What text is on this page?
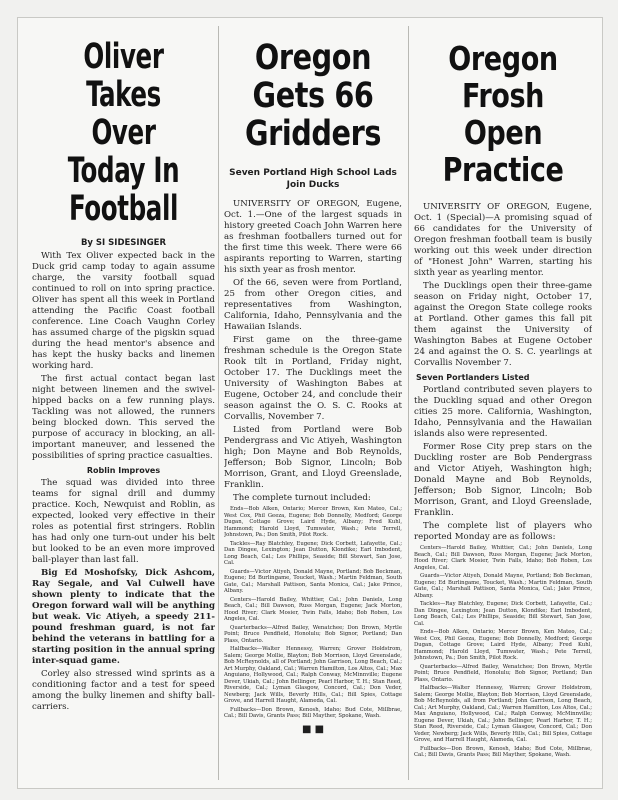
Oliver Takes Over Today In Football
By SI SIDESINGER

With Tex Oliver expected back in the Duck grid camp today to again assume charge, the varsity football squad continued to roll on into spring practice. Oliver has spent all this week in Portland attending the Pacific Coast football conference. Line Coach Vaughn Corley has assumed charge of the pigskin squad during the head mentor's absence and has kept the husky backs and linemen working hard.

The first actual contact began last night between linemen and the swivel-hipped backs on a few running plays. Tackling was not allowed, the runners being blocked down. This served the purpose of accuracy in blocking, an all-important maneuver, and lessened the possibilities of spring practice casualties.

Roblin Improves

The squad was divided into three teams for signal drill and dummy practice. Koch, Newquist and Roblin, as expected, looked very effective in their roles as potential first stringers. Roblin has had only one turn-out under his belt but looked to be an even more improved ball-player than last fall.

Big Ed Moshofsky, Dick Ashcom, Ray Segale, and Val Culwell have shown plenty to indicate that the Oregon forward wall will be anything but weak. Vic Atiyeh, a speedy 211-pound freshman guard, is not far behind the veterans in battling for a starting position in the annual spring inter-squad game.

Corley also stressed wind sprints as a conditioning factor and a test for speed among the bulky linemen and shifty ball-carriers.

Oregon Gets 66 Gridders
Seven Portland High School Lads Join Ducks

UNIVERSITY OF OREGON, Eugene, Oct. 1.—One of the largest squads in history greeted Coach John Warren here as freshman footballers turned out for the first time this week. There were 66 aspirants reporting to Warren, starting his sixth year as frosh mentor.

Of the 66, seven were from Portland, 25 from other Oregon cities, and representatives from Washington, California, Idaho, Pennsylvania and the Hawaiian Islands.

First game on the three-game freshman schedule is the Oregon State Rook tilt in Portland, Friday night, October 17. The Ducklings meet the University of Washington Babes at Eugene, October 24, and conclude their season against the O. S. C. Rooks at Corvallis, November 7.

Listed from Portland were Bob Pendergrass and Vic Atiyeh, Washington high; Don Mayne and Bob Reynolds, Jefferson; Bob Signor, Lincoln; Bob Morrison, Grant, and Lloyd Greenslade, Franklin.

The complete turnout included:

Ends—Bob Alken, Ontario; Mercer Brown, Ken Mateo, Cal.; West Cox, Phil Geeza, Eugene; Bob Donnelly, Medford; George Dugan, Cottage Grove; Laird Hyde, Albany; Fred Kuhl, Hammond; Harold Lloyd, Tumwater, Wash.; Pete Terrell, Johnstown, Pa.; Don Smith, Pilot Rock.

Tackles—Ray Blatchley, Eugene; Dick Corbett, Lafayette, Cal.; Dan Dingee, Lexington; Jean Dutton, Klondike; Earl Imbodent, Long Beach, Cal.; Les Phillips, Seaside; Bill Stewart, San Jose, Cal.

Guards—Victor Atiyeh, Donald Mayne, Portland; Bob Beckman, Eugene; Ed Burlingame, Toucket, Wash.; Martin Feldman, South Gate, Cal.; Marshall Pattison, Santa Monica, Cal.; Jake Prince, Albany.

Centers—Harold Bailey, Whittier, Cal.; John Daniels, Long Beach, Cal.; Bill Dawson, Russ Morgan, Eugene; Jack Morton, Hood River; Clark Mosier, Twin Falls, Idaho; Bob Roben, Los Angeles, Cal.

Quarterbacks—Alfred Bailey, Wenatchee; Don Brown, Myrtle Point; Bruce Pendfield, Honolulu; Bob Signor, Portland; Dan Plass, Ontario.

Halfbacks—Walter Hennessy, Warren; Grover Holdstrom, Salem; George Mollie, Blayton; Bob Morrison, Lloyd Greenslade, Bob McReynolds, all of Portland; John Garrison, Long Beach, Cal.; Art Murphy, Oakland, Cal.; Warren Hamilton, Los Altos, Cal.; Max Anguiano, Hollywood, Cal.; Ralph Conway, McMinnville; Eugene Dever, Ukiah, Cal.; John Bellinger, Pearl Harbor, T. H.; Stan Reed, Riverside, Cal.; Lyman Glasgow, Concord, Cal.; Don Veder, Newberg; Jack Wills, Beverly Hills, Cal.; Bill Spies, Cottage Grove, and Harrell Haught, Alameda, Cal.

Fullbacks—Don Brown, Kenosh, Idaho; Bud Cote, Millbrae, Cal.; Bill Davis, Grants Pass; Bill Mayther, Spokane, Wash.

■ ■
Oregon Frosh Open Practice

UNIVERSITY OF OREGON, Eugene, Oct. 1 (Special)—A promising squad of 66 candidates for the University of Oregon freshman football team is busily working out this week under direction of "Honest John" Warren, starting his sixth year as yearling mentor.

The Ducklings open their three-game season on Friday night, October 17, against the Oregon State college rooks at Portland. Other games this fall pit them against the University of Washington Babes at Eugene October 24 and against the O. S. C. yearlings at Corvallis November 7.

Seven Portlanders Listed

Portland contributed seven players to the Duckling squad and other Oregon cities 25 more. California, Washington, Idaho, Pennsylvania and the Hawaiian islands also were represented.

Former Rose City prep stars on the Duckling roster are Bob Pendergrass and Victor Atiyeh, Washington high; Donald Mayne and Bob Reynolds, Jefferson; Bob Signor, Lincoln; Bob Morrison, Grant, and Lloyd Greenslade, Franklin.

The complete list of players who reported Monday are as follows:

Centers—Harold Bailey, Whittier, Cal.; John Daniels, Long Beach, Cal.; Bill Dawson, Russ Morgan, Eugene; Jack Morton, Hood River; Clark Mosier, Twin Falls, Idaho; Bob Roben, Los Angeles, Cal.

Guards—Victor Atiyeh, Donald Mayne, Portland; Bob Beckman, Eugene; Ed Burlingame, Toucket, Wash.; Martin Feldman, South Gate, Cal.; Marshall Pattison, Santa Monica, Cal.; Jake Prince, Albany.

Tackles—Ray Blatchley, Eugene; Dick Corbett, Lafayette, Cal.; Dan Dingee, Lexington; Jean Dutton, Klondike; Earl Imbodent, Long Beach, Cal.; Les Phillips, Seaside; Bill Stewart, San Jose, Cal.

Ends—Bob Alken, Ontario; Mercer Brown, Ken Mateo, Cal.; West Cox, Phil Geeza, Eugene; Bob Donnelly, Medford; George Dugan, Cottage Grove; Laird Hyde, Albany; Fred Kuhl, Hammond; Harold Lloyd, Tumwater, Wash.; Pete Terrell, Johnstown, Pa.; Don Smith, Pilot Rock.

Quarterbacks—Alfred Bailey, Wenatchee; Don Brown, Myrtle Point; Bruce Pendfield, Honolulu; Bob Signor, Portland; Dan Plass, Ontario.

Halfbacks—Walter Hennessy, Warren; Grover Holdstrom, Salem; George Mollie, Blayton; Bob Morrison, Lloyd Greenslade, Bob McReynolds, all from Portland; John Garrison, Long Beach, Cal.; Art Murphy, Oakland, Cal.; Warren Hamilton, Los Altos, Cal.; Max Anguiano, Hollywood, Cal.; Ralph Conway, McMinnville; Eugene Dever, Ukiah, Cal.; John Bellinger, Pearl Harbor, T. H.; Stan Reed, Riverside, Cal.; Lyman Glasgow, Concord, Cal.; Don Veder, Newberg; Jack Wills, Beverly Hills, Cal.; Bill Spies, Cottage Grove, and Harrell Haught, Alameda, Cal.

Fullbacks—Don Brown, Kenosh, Idaho; Bud Cote, Millbrae, Cal.; Bill Davis, Grants Pass; Bill Mayther, Spokane, Wash.
